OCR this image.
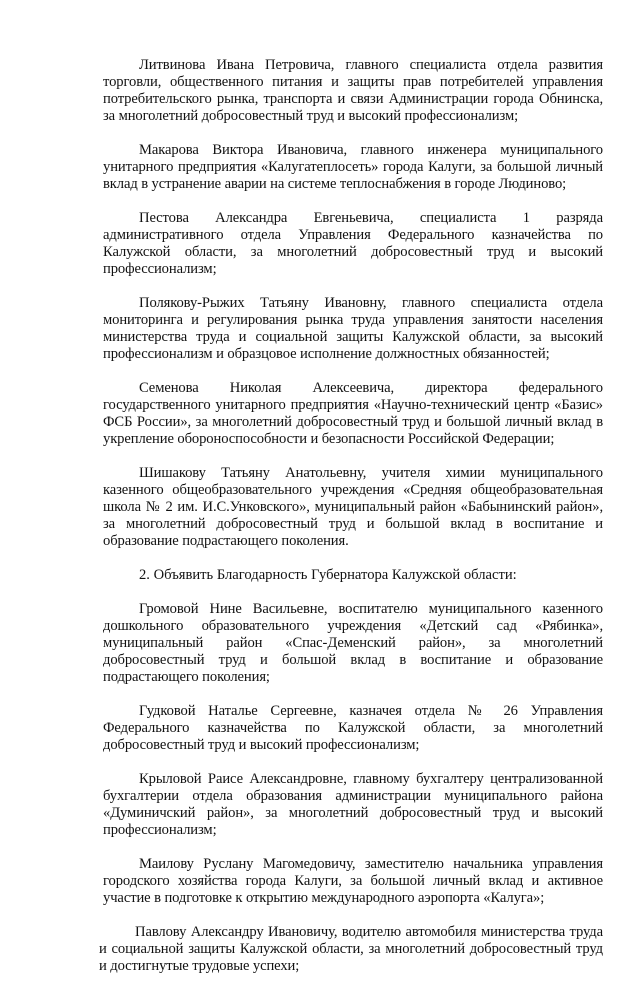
Литвиновa Ивана Петровича, главного специалиста отдела развития торговли, общественного питания и защиты прав потребителей управления потребительского рынка, транспорта и связи Администрации города Обнинска, за многолетний добросовестный труд и высокий профессионализм;

Макарова Виктора Ивановича, главного инженера муниципального унитарного предприятия «Калугатеплосеть» города Калуги, за большой личный вклад в устранение аварии на системе теплоснабжения в городе Людиново;

Пестова Александра Евгеньевича, специалиста 1 разряда административного отдела Управления Федерального казначейства по Калужской области, за многолетний добросовестный труд и высокий профессионализм;

Полякову-Рыжих Татьяну Ивановну, главного специалиста отдела мониторинга и регулирования рынка труда управления занятости населения министерства труда и социальной защиты Калужской области, за высокий профессионализм и образцовое исполнение должностных обязанностей;

Семенова Николая Алексеевича, директора федерального государственного унитарного предприятия «Научно-технический центр «Базис» ФСБ России», за многолетний добросовестный труд и большой личный вклад в укрепление обороноспособности и безопасности Российской Федерации;

Шишакову Татьяну Анатольевну, учителя химии муниципального казенного общеобразовательного учреждения «Средняя общеобразовательная школа № 2 им. И.С.Унковского», муниципальный район «Бабынинский район», за многолетний добросовестный труд и большой вклад в воспитание и образование подрастающего поколения.

2. Объявить Благодарность Губернатора Калужской области:

Громовой Нине Васильевне, воспитателю муниципального казенного дошкольного образовательного учреждения «Детский сад «Рябинка», муниципальный район «Спас-Деменский район», за многолетний добросовестный труд и большой вклад в воспитание и образование подрастающего поколения;

Гудковой Наталье Сергеевне, казначея отдела № 26 Управления Федерального казначейства по Калужской области, за многолетний добросовестный труд и высокий профессионализм;

Крыловой Раисе Александровне, главному бухгалтеру централизованной бухгалтерии отдела образования администрации муниципального района «Думиничский район», за многолетний добросовестный труд и высокий профессионализм;

Маилову Руслану Магомедовичу, заместителю начальника управления городского хозяйства города Калуги, за большой личный вклад и активное участие в подготовке к открытию международного аэропорта «Калуга»;

Павлову Александру Ивановичу, водителю автомобиля министерства труда и социальной защиты Калужской области, за многолетний добросовестный труд и достигнутые трудовые успехи;
